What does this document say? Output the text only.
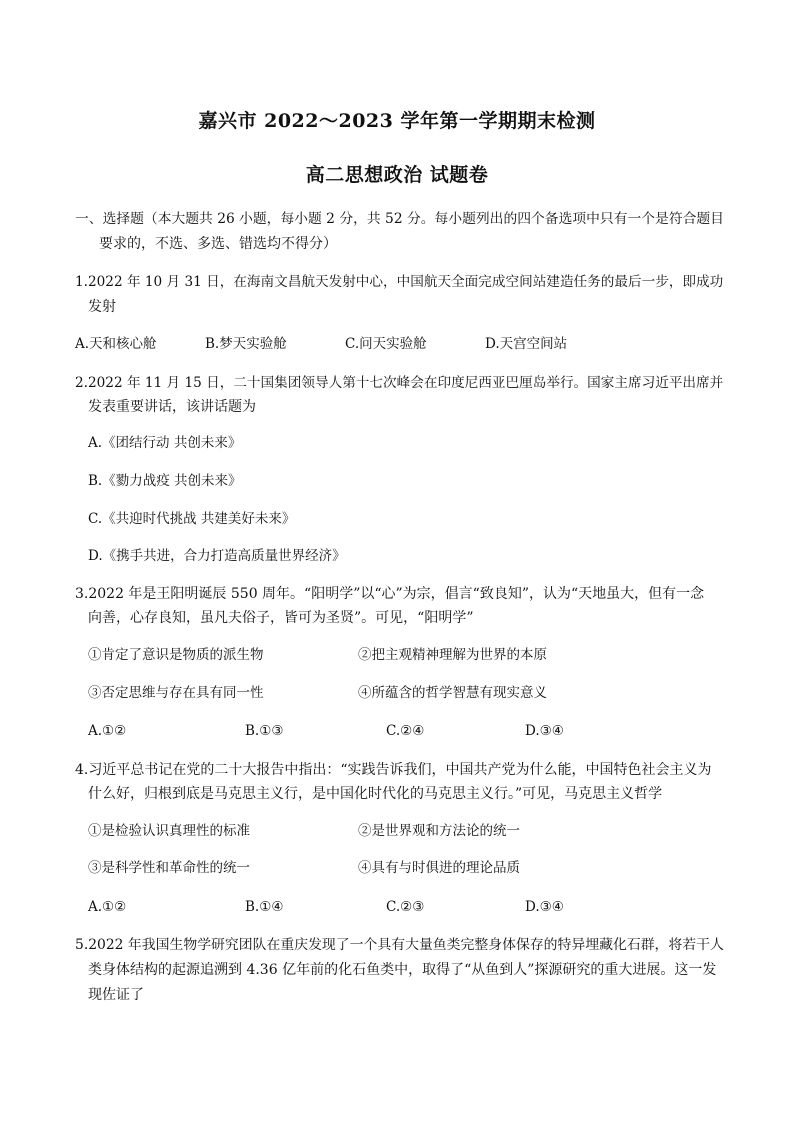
嘉兴市 2022～2023 学年第一学期期末检测
高二思想政治 试题卷
一、选择题（本大题共 26 小题，每小题 2 分，共 52 分。每小题列出的四个备选项中只有一个是符合题目
要求的，不选、多选、错选均不得分）
1.2022 年 10 月 31 日，在海南文昌航天发射中心，中国航天全面完成空间站建造任务的最后一步，即成功
发射
A.天和核心舱	B.梦天实验舱	C.问天实验舱	D.天宫空间站
2.2022 年 11 月 15 日，二十国集团领导人第十七次峰会在印度尼西亚巴厘岛举行。国家主席习近平出席并
发表重要讲话，该讲话题为
A.《团结行动 共创未来》
B.《勠力战疫 共创未来》
C.《共迎时代挑战 共建美好未来》
D.《携手共进，合力打造高质量世界经济》
3.2022 年是王阳明诞辰 550 周年。“阳明学”以“心”为宗，倡言“致良知”，认为“天地虽大，但有一念
向善，心存良知，虽凡夫俗子，皆可为圣贤”。可见，“阳明学”
①肯定了意识是物质的派生物	②把主观精神理解为世界的本原
③否定思维与存在具有同一性	④所蕴含的哲学智慧有现实意义
A.①②	B.①③	C.②④	D.③④
4.习近平总书记在党的二十大报告中指出：“实践告诉我们，中国共产党为什么能，中国特色社会主义为
什么好，归根到底是马克思主义行，是中国化时代化的马克思主义行。”可见，马克思主义哲学
①是检验认识真理性的标准	②是世界观和方法论的统一
③是科学性和革命性的统一	④具有与时俱进的理论品质
A.①②	B.①④	C.②③	D.③④
5.2022 年我国生物学研究团队在重庆发现了一个具有大量鱼类完整身体保存的特异埋藏化石群，将若干人
类身体结构的起源追溯到 4.36 亿年前的化石鱼类中，取得了“从鱼到人”探源研究的重大进展。这一发
现佐证了
